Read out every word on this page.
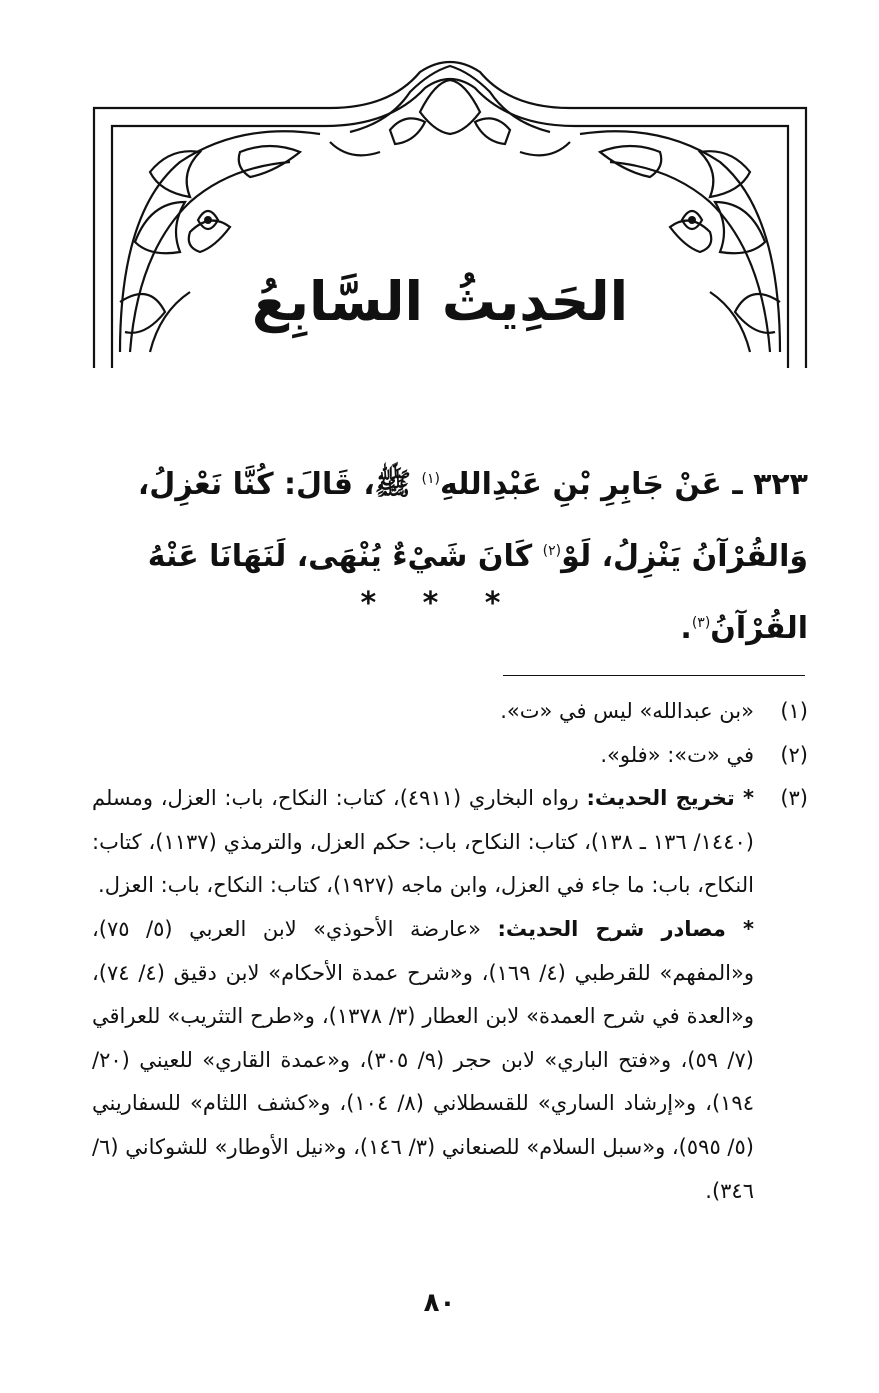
الحَدِيثُ السَّابِعُ
٣٢٣ ـ عَنْ جَابِرِ بْنِ عَبْدِاللهِ$^{(١)}$ ﷺ، قَالَ: كُنَّا نَعْزِلُ، وَالقُرْآنُ يَنْزِلُ، لَوْ$^{(٢)}$ كَانَ شَيْءٌ يُنْهَى، لَنَهَانَا عَنْهُ القُرْآنُ$^{(٣)}$.
* * *
(١)
«بن عبدالله» ليس في «ت».
(٢)
في «ت»: «فلو».
(٣)

* تخريج الحديث: رواه البخاري (٤٩١١)، كتاب: النكاح، باب: العزل، ومسلم (١٤٤٠/ ١٣٦ ـ ١٣٨)، كتاب: النكاح، باب: حكم العزل، والترمذي (١١٣٧)، كتاب: النكاح، باب: ما جاء في العزل، وابن ماجه (١٩٢٧)، كتاب: النكاح، باب: العزل.

* مصادر شرح الحديث: «عارضة الأحوذي» لابن العربي (٥/ ٧٥)، و«المفهم» للقرطبي (٤/ ١٦٩)، و«شرح عمدة الأحكام» لابن دقيق (٤/ ٧٤)، و«العدة في شرح العمدة» لابن العطار (٣/ ١٣٧٨)، و«طرح التثريب» للعراقي (٧/ ٥٩)، و«فتح الباري» لابن حجر (٩/ ٣٠٥)، و«عمدة القاري» للعيني (٢٠/ ١٩٤)، و«إرشاد الساري» للقسطلاني (٨/ ١٠٤)، و«كشف اللثام» للسفاريني (٥/ ٥٩٥)، و«سبل السلام» للصنعاني (٣/ ١٤٦)، و«نيل الأوطار» للشوكاني (٦/ ٣٤٦).

٨٠
